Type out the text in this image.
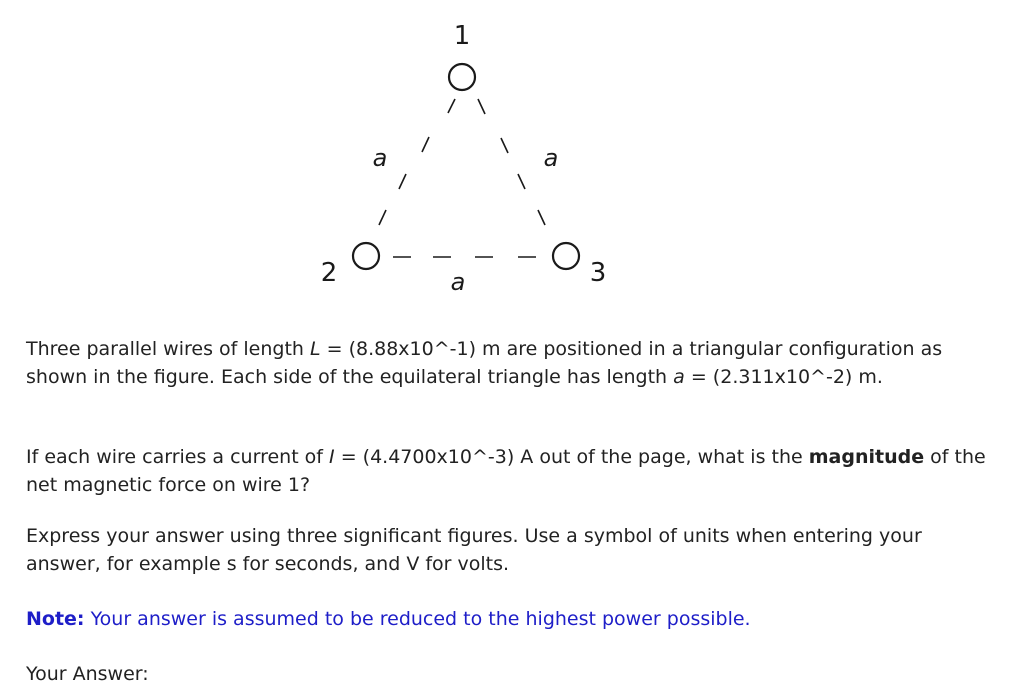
1
2	3
a	a
a

Three parallel wires of length L = (8.88x10^-1) m are positioned in a triangular configuration as shown in the figure. Each side of the equilateral triangle has length a = (2.311x10^-2) m.

If each wire carries a current of I = (4.4700x10^-3) A out of the page, what is the magnitude of the net magnetic force on wire 1?

Express your answer using three significant figures. Use a symbol of units when entering your answer, for example s for seconds, and V for volts.

Note: Your answer is assumed to be reduced to the highest power possible.

Your Answer:
